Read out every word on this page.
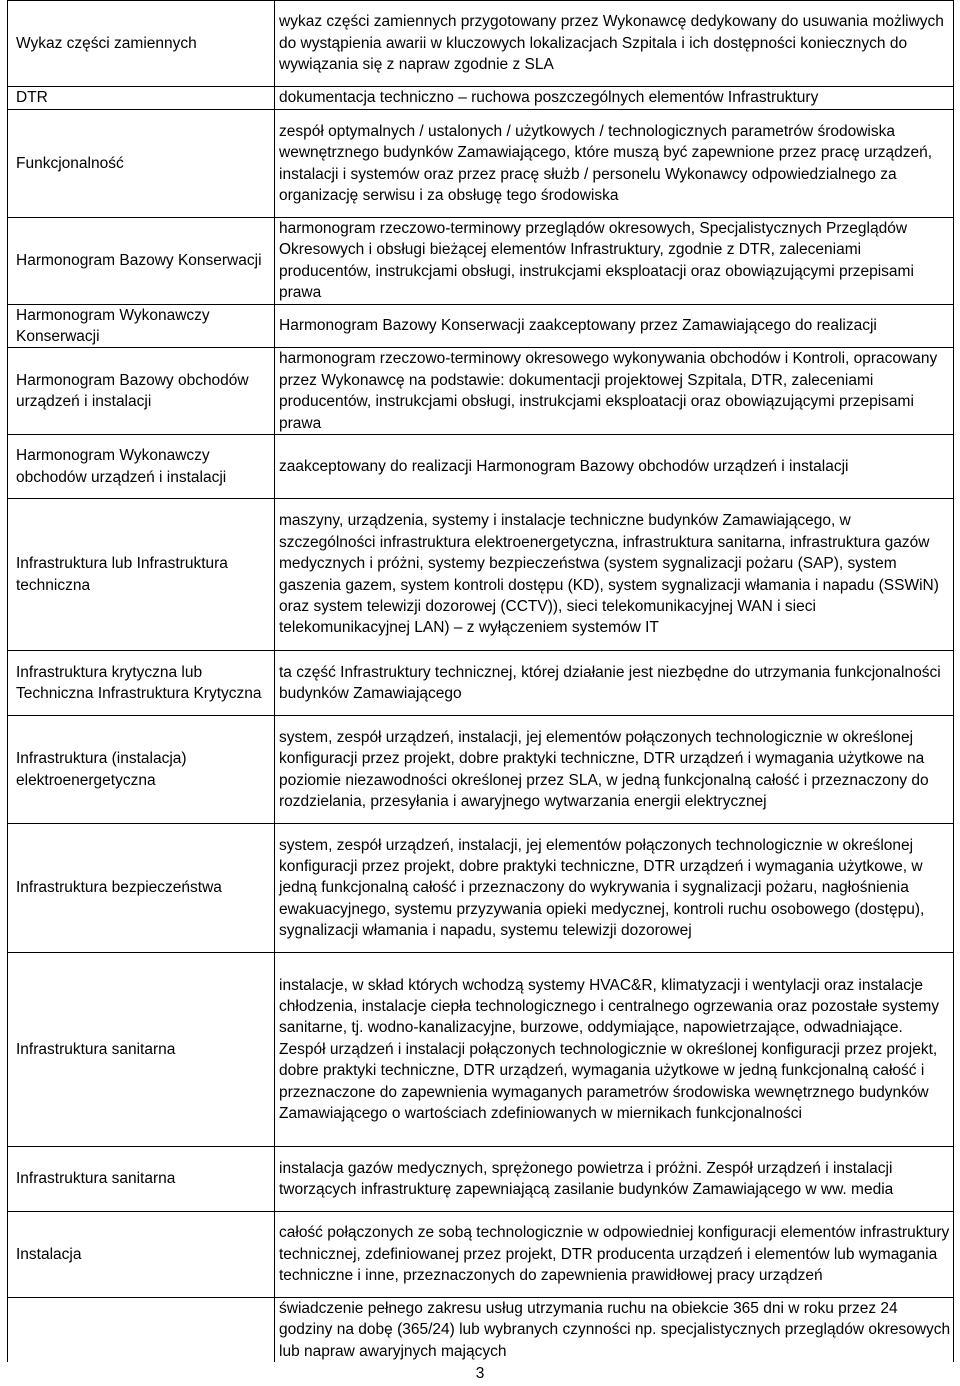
Wykaz części zamiennych	wykaz części zamiennych przygotowany przez Wykonawcę dedykowany do usuwania możliwych do wystąpienia awarii w kluczowych lokalizacjach Szpitala i ich dostępności koniecznych do wywiązania się z napraw zgodnie z SLA
DTR	dokumentacja techniczno – ruchowa poszczególnych elementów Infrastruktury
Funkcjonalność	zespół optymalnych / ustalonych / użytkowych / technologicznych parametrów środowiska wewnętrznego budynków Zamawiającego, które muszą być zapewnione przez pracę urządzeń, instalacji i systemów oraz przez pracę służb / personelu Wykonawcy odpowiedzialnego za organizację serwisu i za obsługę tego środowiska
Harmonogram Bazowy Konserwacji	harmonogram rzeczowo-terminowy przeglądów okresowych, Specjalistycznych Przeglądów Okresowych i obsługi bieżącej elementów Infrastruktury, zgodnie z DTR, zaleceniami producentów, instrukcjami obsługi, instrukcjami eksploatacji oraz obowiązującymi przepisami prawa
Harmonogram Wykonawczy Konserwacji	Harmonogram Bazowy Konserwacji zaakceptowany przez Zamawiającego do realizacji
Harmonogram Bazowy obchodów urządzeń i instalacji	harmonogram rzeczowo-terminowy okresowego wykonywania obchodów i Kontroli, opracowany przez Wykonawcę na podstawie: dokumentacji projektowej Szpitala, DTR, zaleceniami producentów, instrukcjami obsługi, instrukcjami eksploatacji oraz obowiązującymi przepisami prawa
Harmonogram Wykonawczy obchodów urządzeń i instalacji	zaakceptowany do realizacji Harmonogram Bazowy obchodów urządzeń i instalacji
Infrastruktura lub Infrastruktura techniczna	maszyny, urządzenia, systemy i instalacje techniczne budynków Zamawiającego, w szczególności infrastruktura elektroenergetyczna, infrastruktura sanitarna, infrastruktura gazów medycznych i próżni, systemy bezpieczeństwa (system sygnalizacji pożaru (SAP), system gaszenia gazem, system kontroli dostępu (KD), system sygnalizacji włamania i napadu (SSWiN) oraz system telewizji dozorowej (CCTV)), sieci telekomunikacyjnej WAN i sieci telekomunikacyjnej LAN) – z wyłączeniem systemów IT
Infrastruktura krytyczna lub Techniczna Infrastruktura Krytyczna	ta część Infrastruktury technicznej, której działanie jest niezbędne do utrzymania funkcjonalności budynków Zamawiającego
Infrastruktura (instalacja) elektroenergetyczna	system, zespół urządzeń, instalacji, jej elementów połączonych technologicznie w określonej konfiguracji przez projekt, dobre praktyki techniczne, DTR urządzeń i wymagania użytkowe na poziomie niezawodności określonej przez SLA, w jedną funkcjonalną całość i przeznaczony do rozdzielania, przesyłania i awaryjnego wytwarzania energii elektrycznej
Infrastruktura bezpieczeństwa	system, zespół urządzeń, instalacji, jej elementów połączonych technologicznie w określonej konfiguracji przez projekt, dobre praktyki techniczne, DTR urządzeń i wymagania użytkowe, w jedną funkcjonalną całość i przeznaczony do wykrywania i sygnalizacji pożaru, nagłośnienia ewakuacyjnego, systemu przyzywania opieki medycznej, kontroli ruchu osobowego (dostępu), sygnalizacji włamania i napadu, systemu telewizji dozorowej
Infrastruktura sanitarna	instalacje, w skład których wchodzą systemy HVAC&R, klimatyzacji i wentylacji oraz instalacje chłodzenia, instalacje ciepła technologicznego i centralnego ogrzewania oraz pozostałe systemy sanitarne, tj. wodno-kanalizacyjne, burzowe, oddymiające, napowietrzające, odwadniające. Zespół urządzeń i instalacji połączonych technologicznie w określonej konfiguracji przez projekt, dobre praktyki techniczne, DTR urządzeń, wymagania użytkowe w jedną funkcjonalną całość i przeznaczone do zapewnienia wymaganych parametrów środowiska wewnętrznego budynków Zamawiającego o wartościach zdefiniowanych w miernikach funkcjonalności
Infrastruktura sanitarna	instalacja gazów medycznych, sprężonego powietrza i próżni. Zespół urządzeń i instalacji tworzących infrastrukturę zapewniającą zasilanie budynków Zamawiającego w ww. media
Instalacja	całość połączonych ze sobą technologicznie w odpowiedniej konfiguracji elementów infrastruktury technicznej, zdefiniowanej przez projekt, DTR producenta urządzeń i elementów lub wymagania techniczne i inne, przeznaczonych do zapewnienia prawidłowej pracy urządzeń
	świadczenie pełnego zakresu usług utrzymania ruchu na obiekcie 365 dni w roku przez 24 godziny na dobę (365/24) lub wybranych czynności np. specjalistycznych przeglądów okresowych lub napraw awaryjnych mających
3
